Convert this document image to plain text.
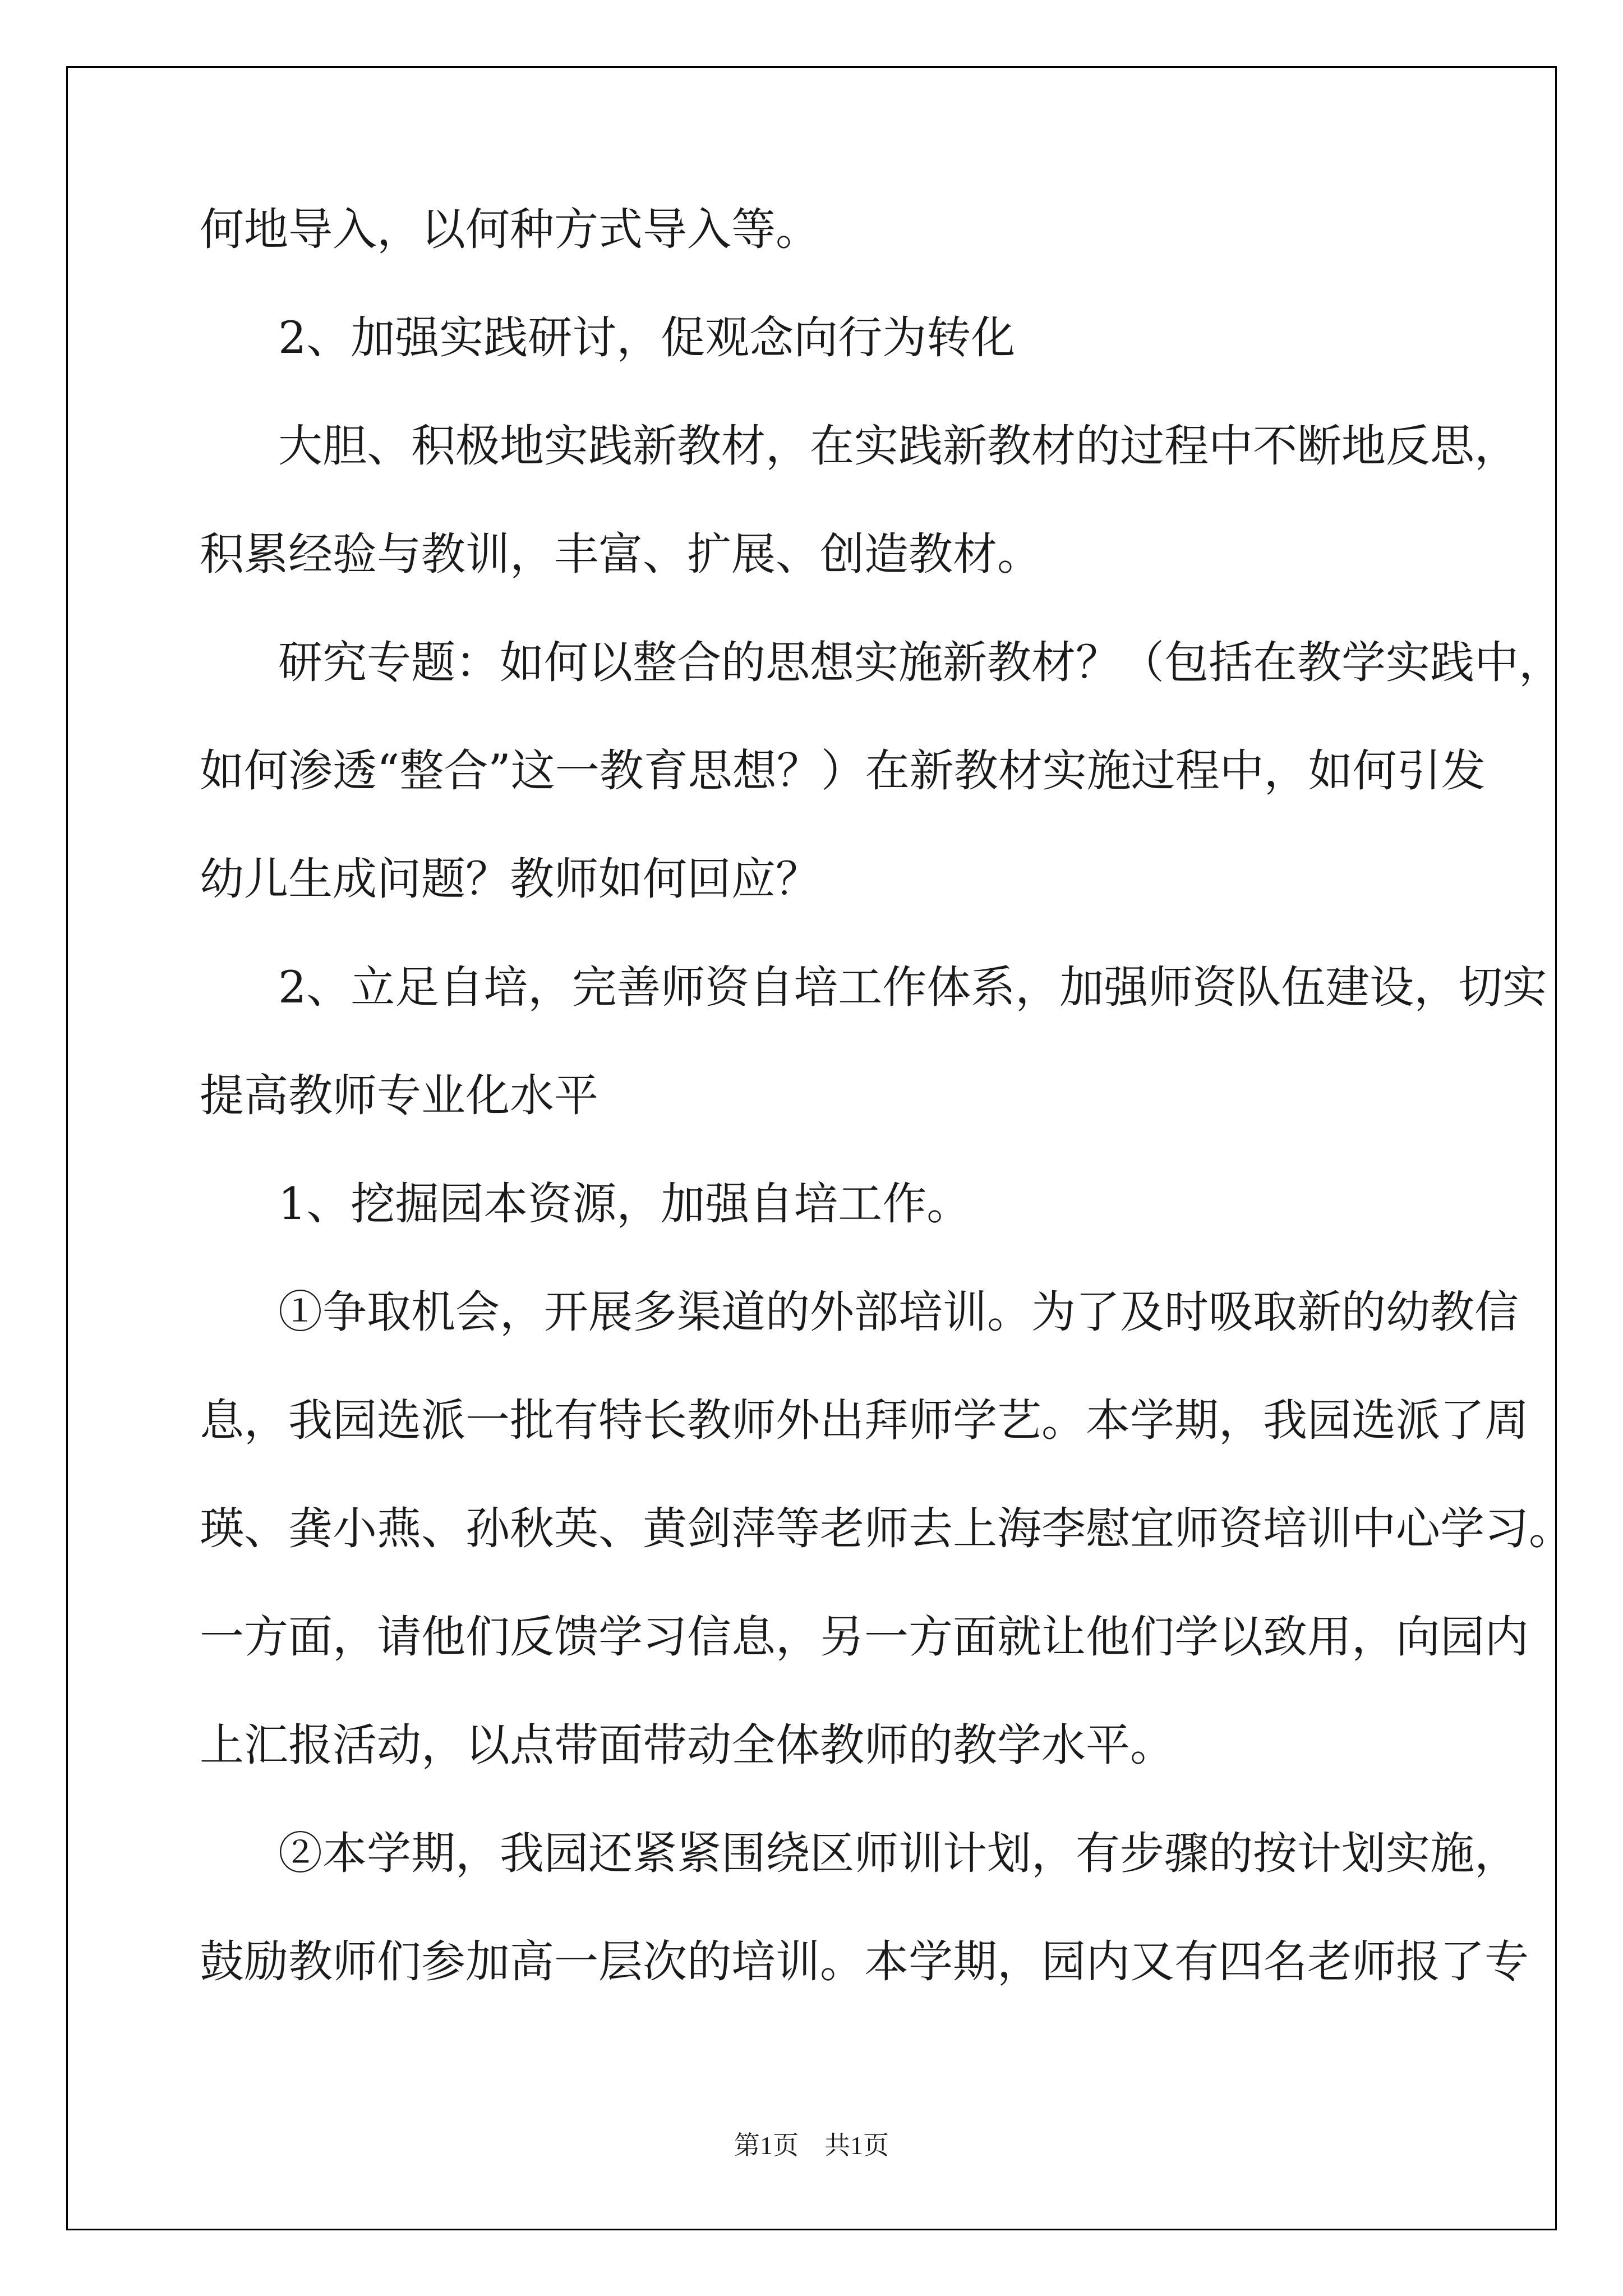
何地导入，以何种方式导入等。

2、加强实践研讨，促观念向行为转化

大胆、积极地实践新教材，在实践新教材的过程中不断地反思，

积累经验与教训，丰富、扩展、创造教材。

研究专题：如何以整合的思想实施新教材？（包括在教学实践中，

如何渗透“整合”这一教育思想？）在新教材实施过程中，如何引发

幼儿生成问题？教师如何回应？

2、立足自培，完善师资自培工作体系，加强师资队伍建设，切实

提高教师专业化水平

1、挖掘园本资源，加强自培工作。

①争取机会，开展多渠道的外部培训。为了及时吸取新的幼教信

息，我园选派一批有特长教师外出拜师学艺。本学期，我园选派了周

瑛、龚小燕、孙秋英、黄剑萍等老师去上海李慰宜师资培训中心学习。

一方面，请他们反馈学习信息，另一方面就让他们学以致用，向园内

上汇报活动，以点带面带动全体教师的教学水平。

②本学期，我园还紧紧围绕区师训计划，有步骤的按计划实施，

鼓励教师们参加高一层次的培训。本学期，园内又有四名老师报了专

第1页 共1页
